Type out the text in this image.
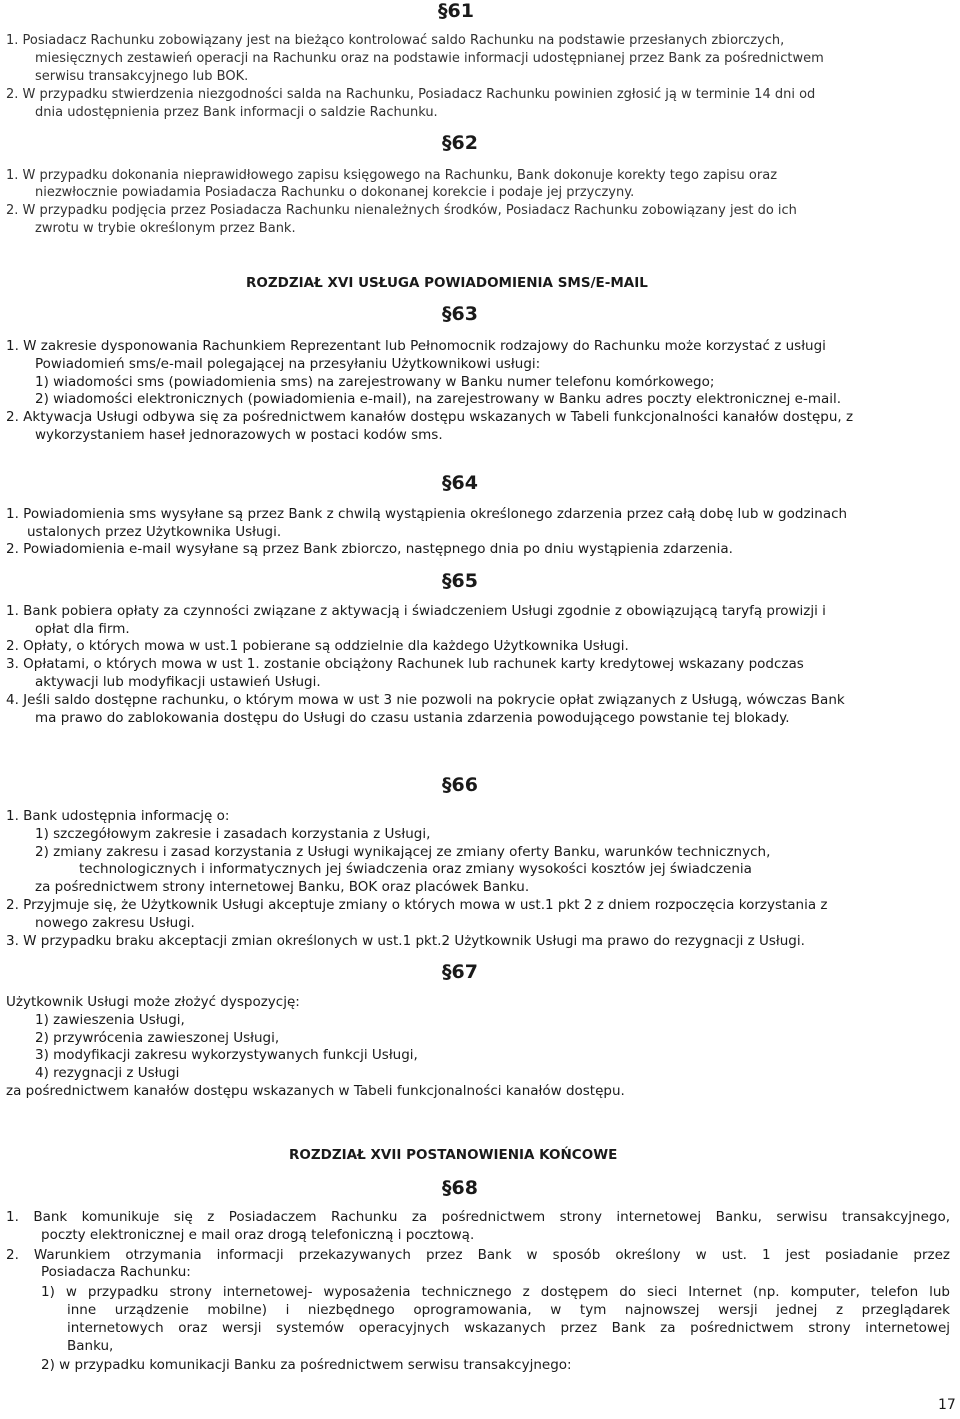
§61
1. Posiadacz Rachunku zobowiązany jest na bieżąco kontrolować saldo Rachunku na podstawie przesłanych zbiorczych,
miesięcznych zestawień operacji na Rachunku oraz na podstawie informacji udostępnianej przez Bank za pośrednictwem
serwisu transakcyjnego lub BOK.
2. W przypadku stwierdzenia niezgodności salda na Rachunku, Posiadacz Rachunku powinien zgłosić ją w terminie 14 dni od
dnia udostępnienia przez Bank informacji o saldzie Rachunku.
§62
1. W przypadku dokonania nieprawidłowego zapisu księgowego na Rachunku, Bank dokonuje korekty tego zapisu oraz
niezwłocznie powiadamia Posiadacza Rachunku o dokonanej korekcie i podaje jej przyczyny.
2. W przypadku podjęcia przez Posiadacza Rachunku nienależnych środków, Posiadacz Rachunku zobowiązany jest do ich
zwrotu w trybie określonym przez Bank.
ROZDZIAŁ XVI USŁUGA POWIADOMIENIA SMS/E-MAIL
§63
1. W zakresie dysponowania Rachunkiem Reprezentant lub Pełnomocnik rodzajowy do Rachunku może korzystać z usługi
Powiadomień sms/e-mail polegającej na przesyłaniu Użytkownikowi usługi:
1) wiadomości sms (powiadomienia sms) na zarejestrowany w Banku numer telefonu komórkowego;
2) wiadomości elektronicznych (powiadomienia e-mail), na zarejestrowany w Banku adres poczty elektronicznej e-mail.
2. Aktywacja Usługi odbywa się za pośrednictwem kanałów dostępu wskazanych w Tabeli funkcjonalności kanałów dostępu, z
wykorzystaniem haseł jednorazowych w postaci kodów sms.
§64
1. Powiadomienia sms wysyłane są przez Bank z chwilą wystąpienia określonego zdarzenia przez całą dobę lub w godzinach
ustalonych przez Użytkownika Usługi.
2. Powiadomienia e-mail wysyłane są przez Bank zbiorczo, następnego dnia po dniu wystąpienia zdarzenia.
§65
1. Bank pobiera opłaty za czynności związane z aktywacją i świadczeniem Usługi zgodnie z obowiązującą taryfą prowizji i
opłat dla firm.
2. Opłaty, o których mowa w ust.1 pobierane są oddzielnie dla każdego Użytkownika Usługi.
3. Opłatami, o których mowa w ust 1. zostanie obciążony Rachunek lub rachunek karty kredytowej wskazany podczas
aktywacji lub modyfikacji ustawień Usługi.
4. Jeśli saldo dostępne rachunku, o którym mowa w ust 3 nie pozwoli na pokrycie opłat związanych z Usługą, wówczas Bank
ma prawo do zablokowania dostępu do Usługi do czasu ustania zdarzenia powodującego powstanie tej blokady.
§66
1. Bank udostępnia informację o:
1) szczegółowym zakresie i zasadach korzystania z Usługi,
2) zmiany zakresu i zasad korzystania z Usługi wynikającej ze zmiany oferty Banku, warunków technicznych,
technologicznych i informatycznych jej świadczenia oraz zmiany wysokości kosztów jej świadczenia
za pośrednictwem strony internetowej Banku, BOK oraz placówek Banku.
2. Przyjmuje się, że Użytkownik Usługi akceptuje zmiany o których mowa w ust.1 pkt 2 z dniem rozpoczęcia korzystania z
nowego zakresu Usługi.
3. W przypadku braku akceptacji zmian określonych w ust.1 pkt.2 Użytkownik Usługi ma prawo do rezygnacji z Usługi.
§67
Użytkownik Usługi może złożyć dyspozycję:
1) zawieszenia Usługi,
2) przywrócenia zawieszonej Usługi,
3) modyfikacji zakresu wykorzystywanych funkcji Usługi,
4) rezygnacji z Usługi
za pośrednictwem kanałów dostępu wskazanych w Tabeli funkcjonalności kanałów dostępu.
ROZDZIAŁ XVII POSTANOWIENIA KOŃCOWE
§68
1. Bank komunikuje się z Posiadaczem Rachunku za pośrednictwem strony internetowej Banku, serwisu transakcyjnego,
poczty elektronicznej e mail oraz drogą telefoniczną i pocztową.
2. Warunkiem otrzymania informacji przekazywanych przez Bank w sposób określony w ust. 1 jest posiadanie przez
Posiadacza Rachunku:
1) w przypadku strony internetowej- wyposażenia technicznego z dostępem do sieci Internet (np. komputer, telefon lub
inne urządzenie mobilne) i niezbędnego oprogramowania, w tym najnowszej wersji jednej z przeglądarek
internetowych oraz wersji systemów operacyjnych wskazanych przez Bank za pośrednictwem strony internetowej
Banku,
2) w przypadku komunikacji Banku za pośrednictwem serwisu transakcyjnego:
17
